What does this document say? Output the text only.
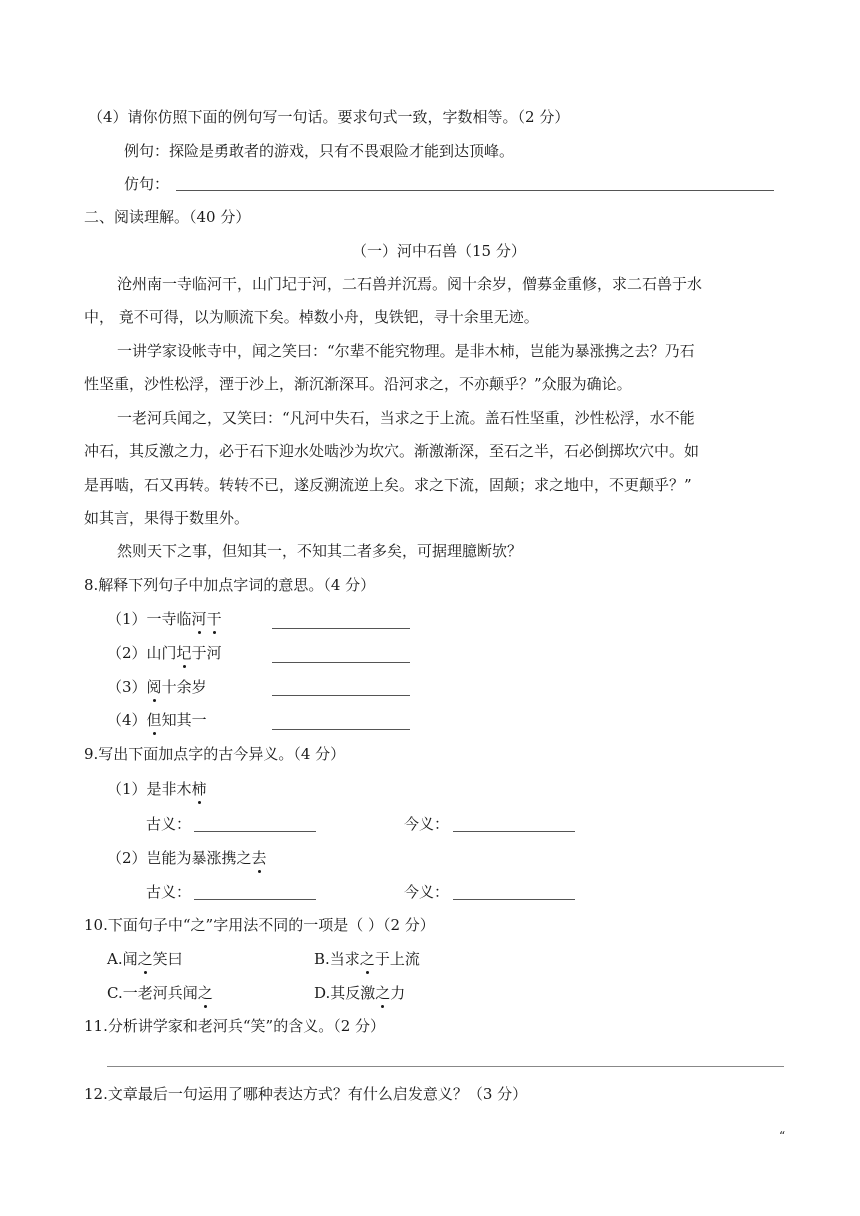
（4）请你仿照下面的例句写一句话。要求句式一致，字数相等。（2 分）
例句：探险是勇敢者的游戏，只有不畏艰险才能到达顶峰。
仿句：
二、阅读理解。（40 分）
（一）河中石兽（15 分）
沧州南一寺临河干，山门圮于河，二石兽并沉焉。阅十余岁，僧募金重修，求二石兽于水
中， 竟不可得，以为顺流下矣。棹数小舟，曳铁钯，寻十余里无迹。
一讲学家设帐寺中，闻之笑曰：“尔辈不能究物理。是非木柿，岂能为暴涨携之去？乃石
性坚重，沙性松浮，湮于沙上，渐沉渐深耳。沿河求之，不亦颠乎？”众服为确论。
一老河兵闻之，又笑曰：“凡河中失石，当求之于上流。盖石性坚重，沙性松浮，水不能
冲石，其反激之力，必于石下迎水处啮沙为坎穴。渐激渐深，至石之半，石必倒掷坎穴中。如
是再啮，石又再转。转转不已，遂反溯流逆上矣。求之下流，固颠；求之地中，不更颠乎？”
如其言，果得于数里外。
然则天下之事，但知其一，不知其二者多矣，可据理臆断欤？
8.解释下列句子中加点字词的意思。（4 分）
（1）一寺临河干
（2）山门圮于河
（3）阅十余岁
（4）但知其一
9.写出下面加点字的古今异义。（4 分）
（1）是非木柿
古义：	今义：
（2）岂能为暴涨携之去
古义：	今义：
10.下面句子中“之”字用法不同的一项是（ ）（2 分）
A.闻之笑曰	B.当求之于上流
C.一老河兵闻之	D.其反激之力
11.分析讲学家和老河兵“笑”的含义。（2 分）
12.文章最后一句运用了哪种表达方式？有什么启发意义？（3 分）
“
